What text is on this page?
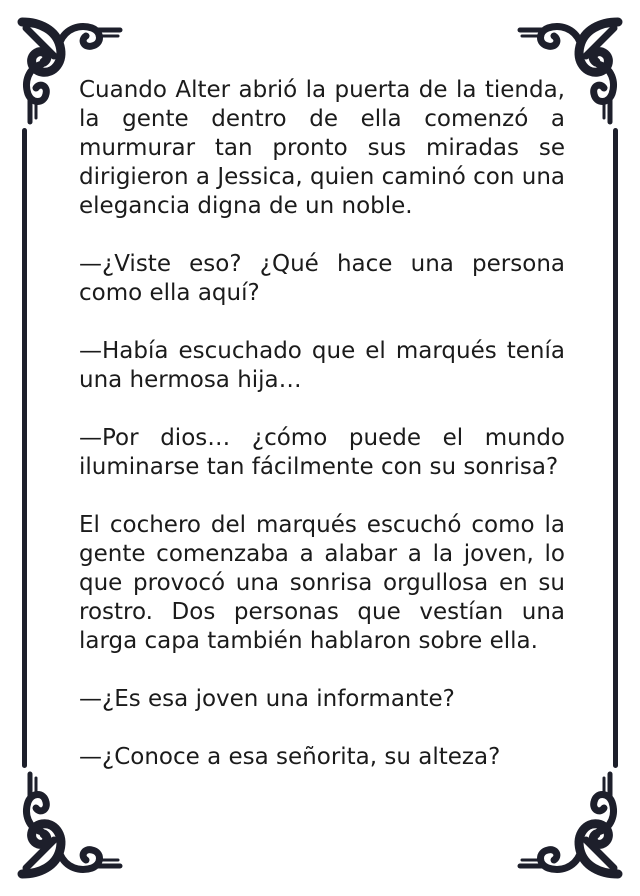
Cuando Alter abrió la puerta de la tienda, la gente dentro de ella comenzó a murmurar tan pronto sus miradas se dirigieron a Jessica, quien caminó con una elegancia digna de un noble.

—¿Viste eso? ¿Qué hace una persona como ella aquí?

—Había escuchado que el marqués tenía una hermosa hija…

—Por dios… ¿cómo puede el mundo iluminarse tan fácilmente con su sonrisa?

El cochero del marqués escuchó como la gente comenzaba a alabar a la joven, lo que provocó una sonrisa orgullosa en su rostro. Dos personas que vestían una larga capa también hablaron sobre ella.

—¿Es esa joven una informante?

—¿Conoce a esa señorita, su alteza?
